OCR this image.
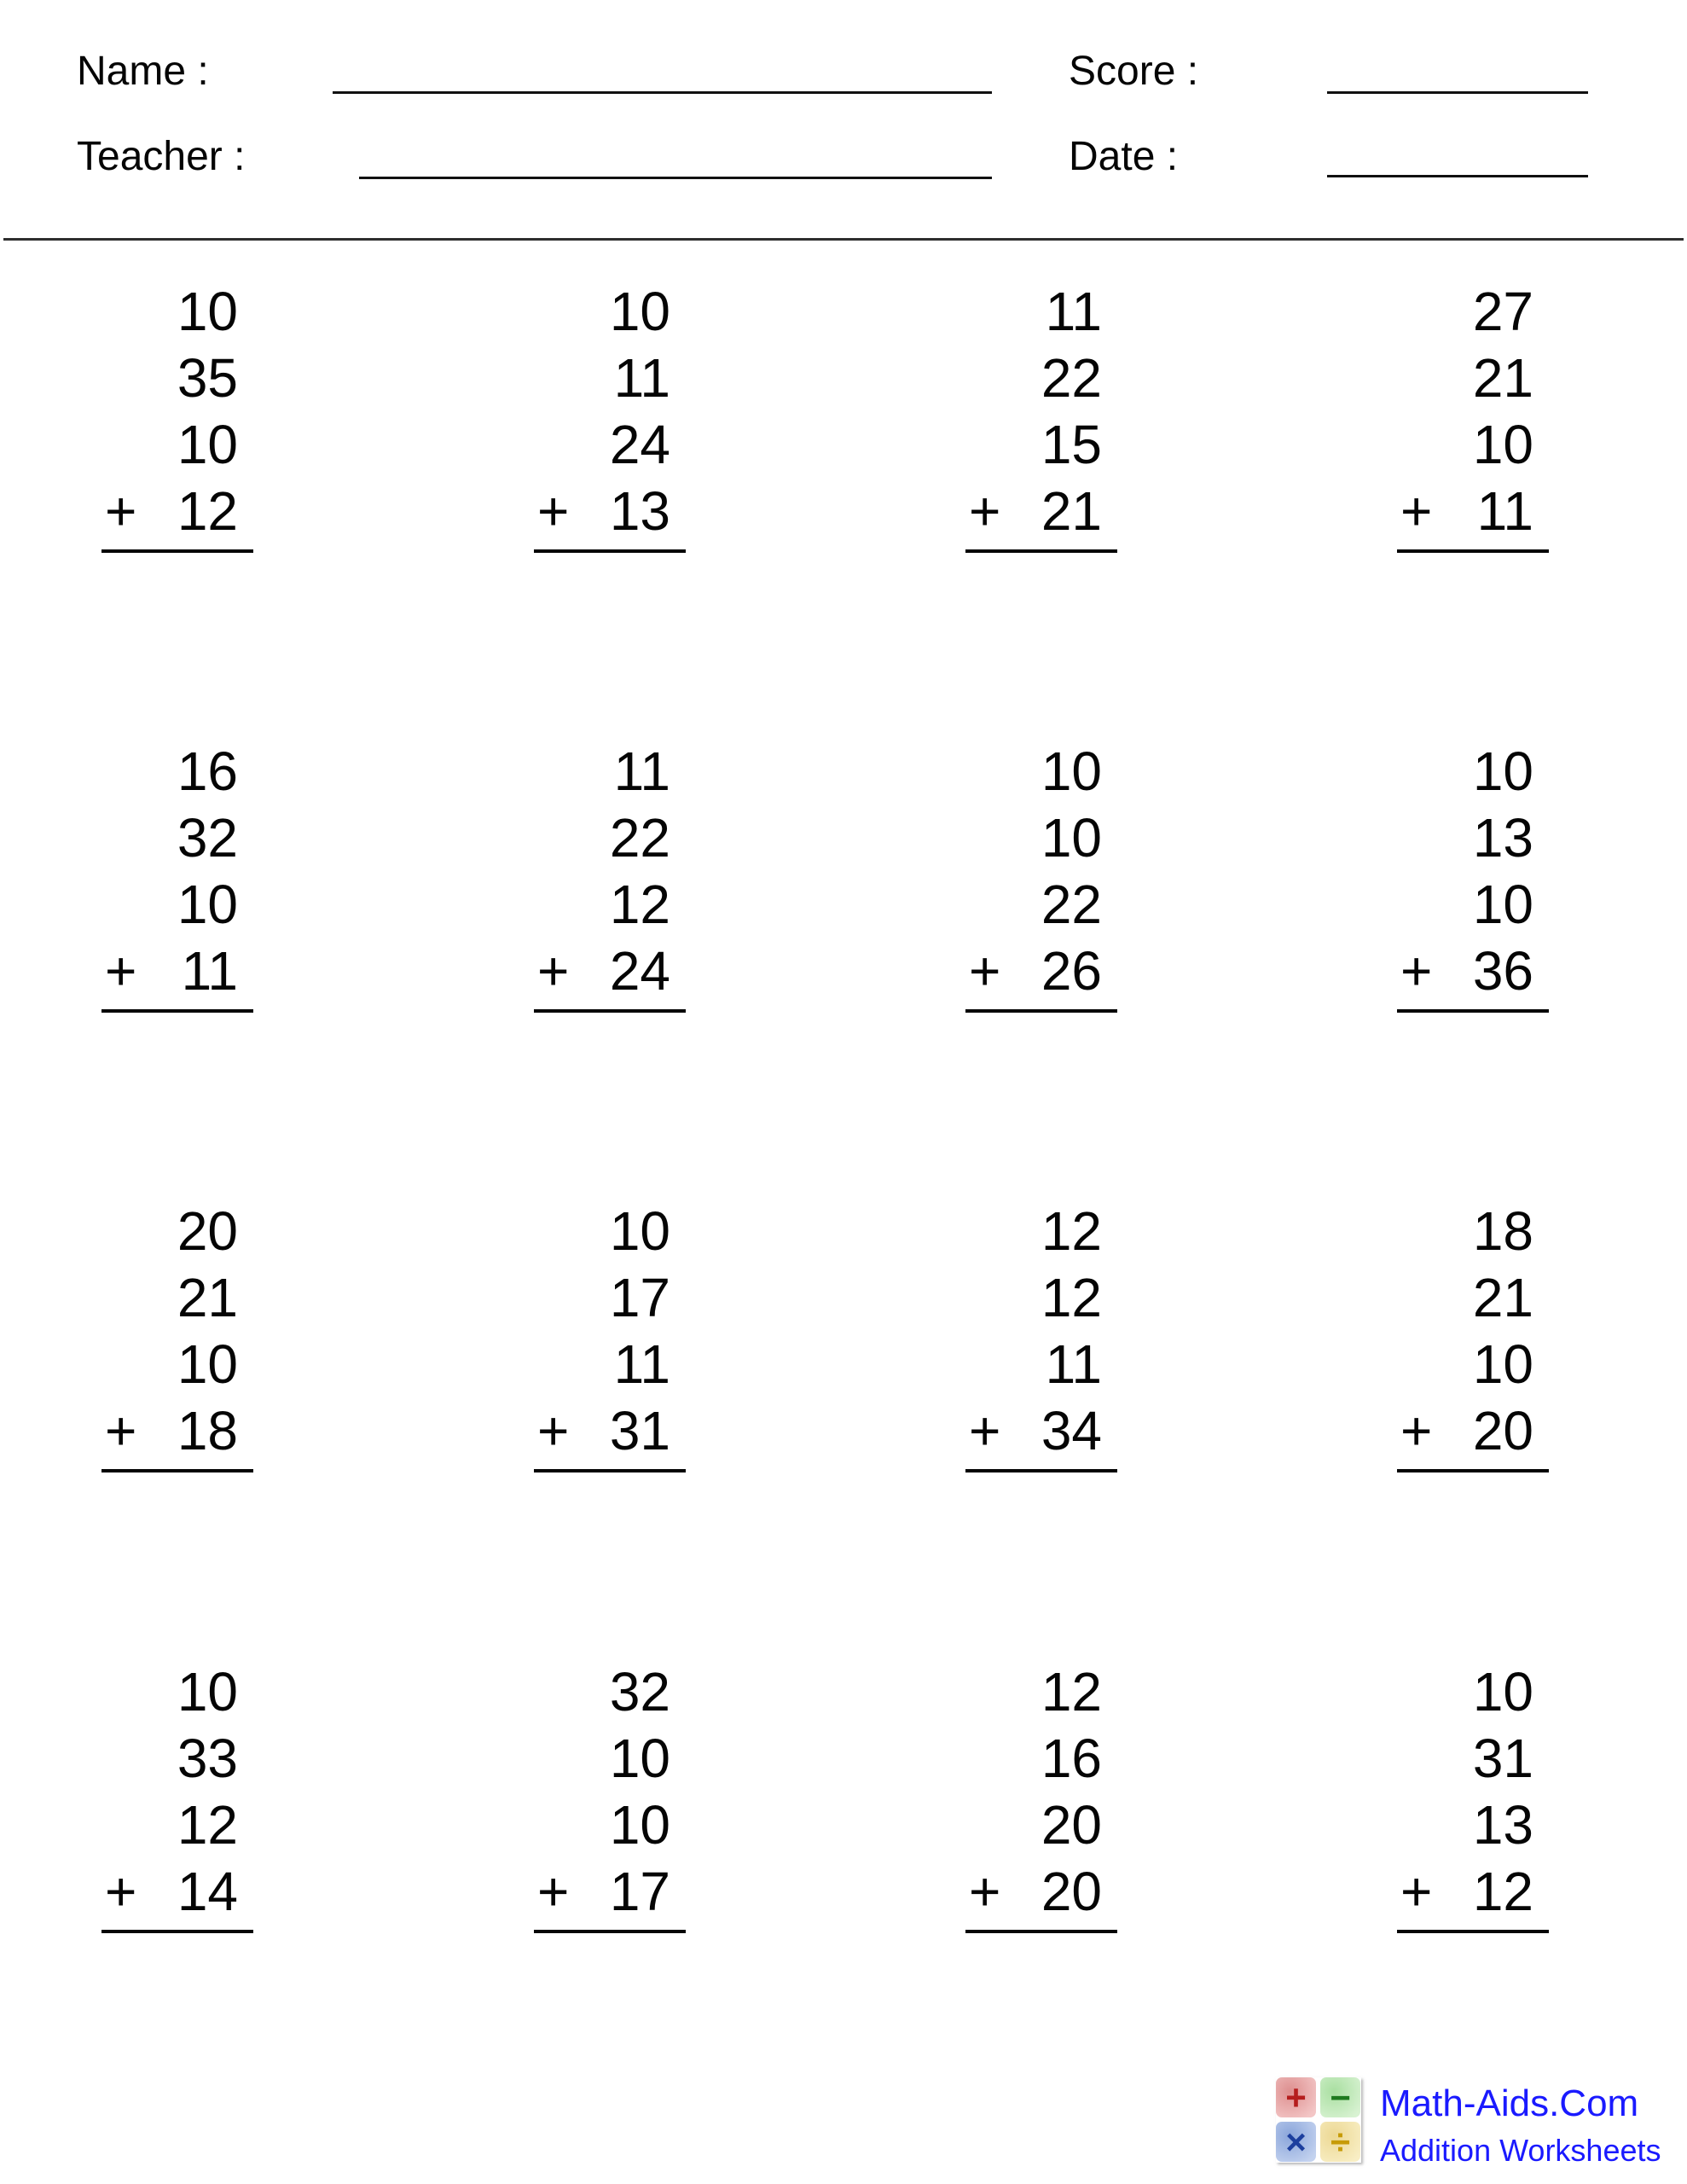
Name :
Teacher :
Score :
Date :
10
35
10
+ 12
10
11
24
+ 13
11
22
15
+ 21
27
21
10
+ 11
16
32
10
+ 11
11
22
12
+ 24
10
10
22
+ 26
10
13
10
+ 36
20
21
10
+ 18
10
17
11
+ 31
12
12
11
+ 34
18
21
10
+ 20
10
33
12
+ 14
32
10
10
+ 17
12
16
20
+ 20
10
31
13
+ 12
+ −
× ÷
Math-Aids.Com
Addition Worksheets
